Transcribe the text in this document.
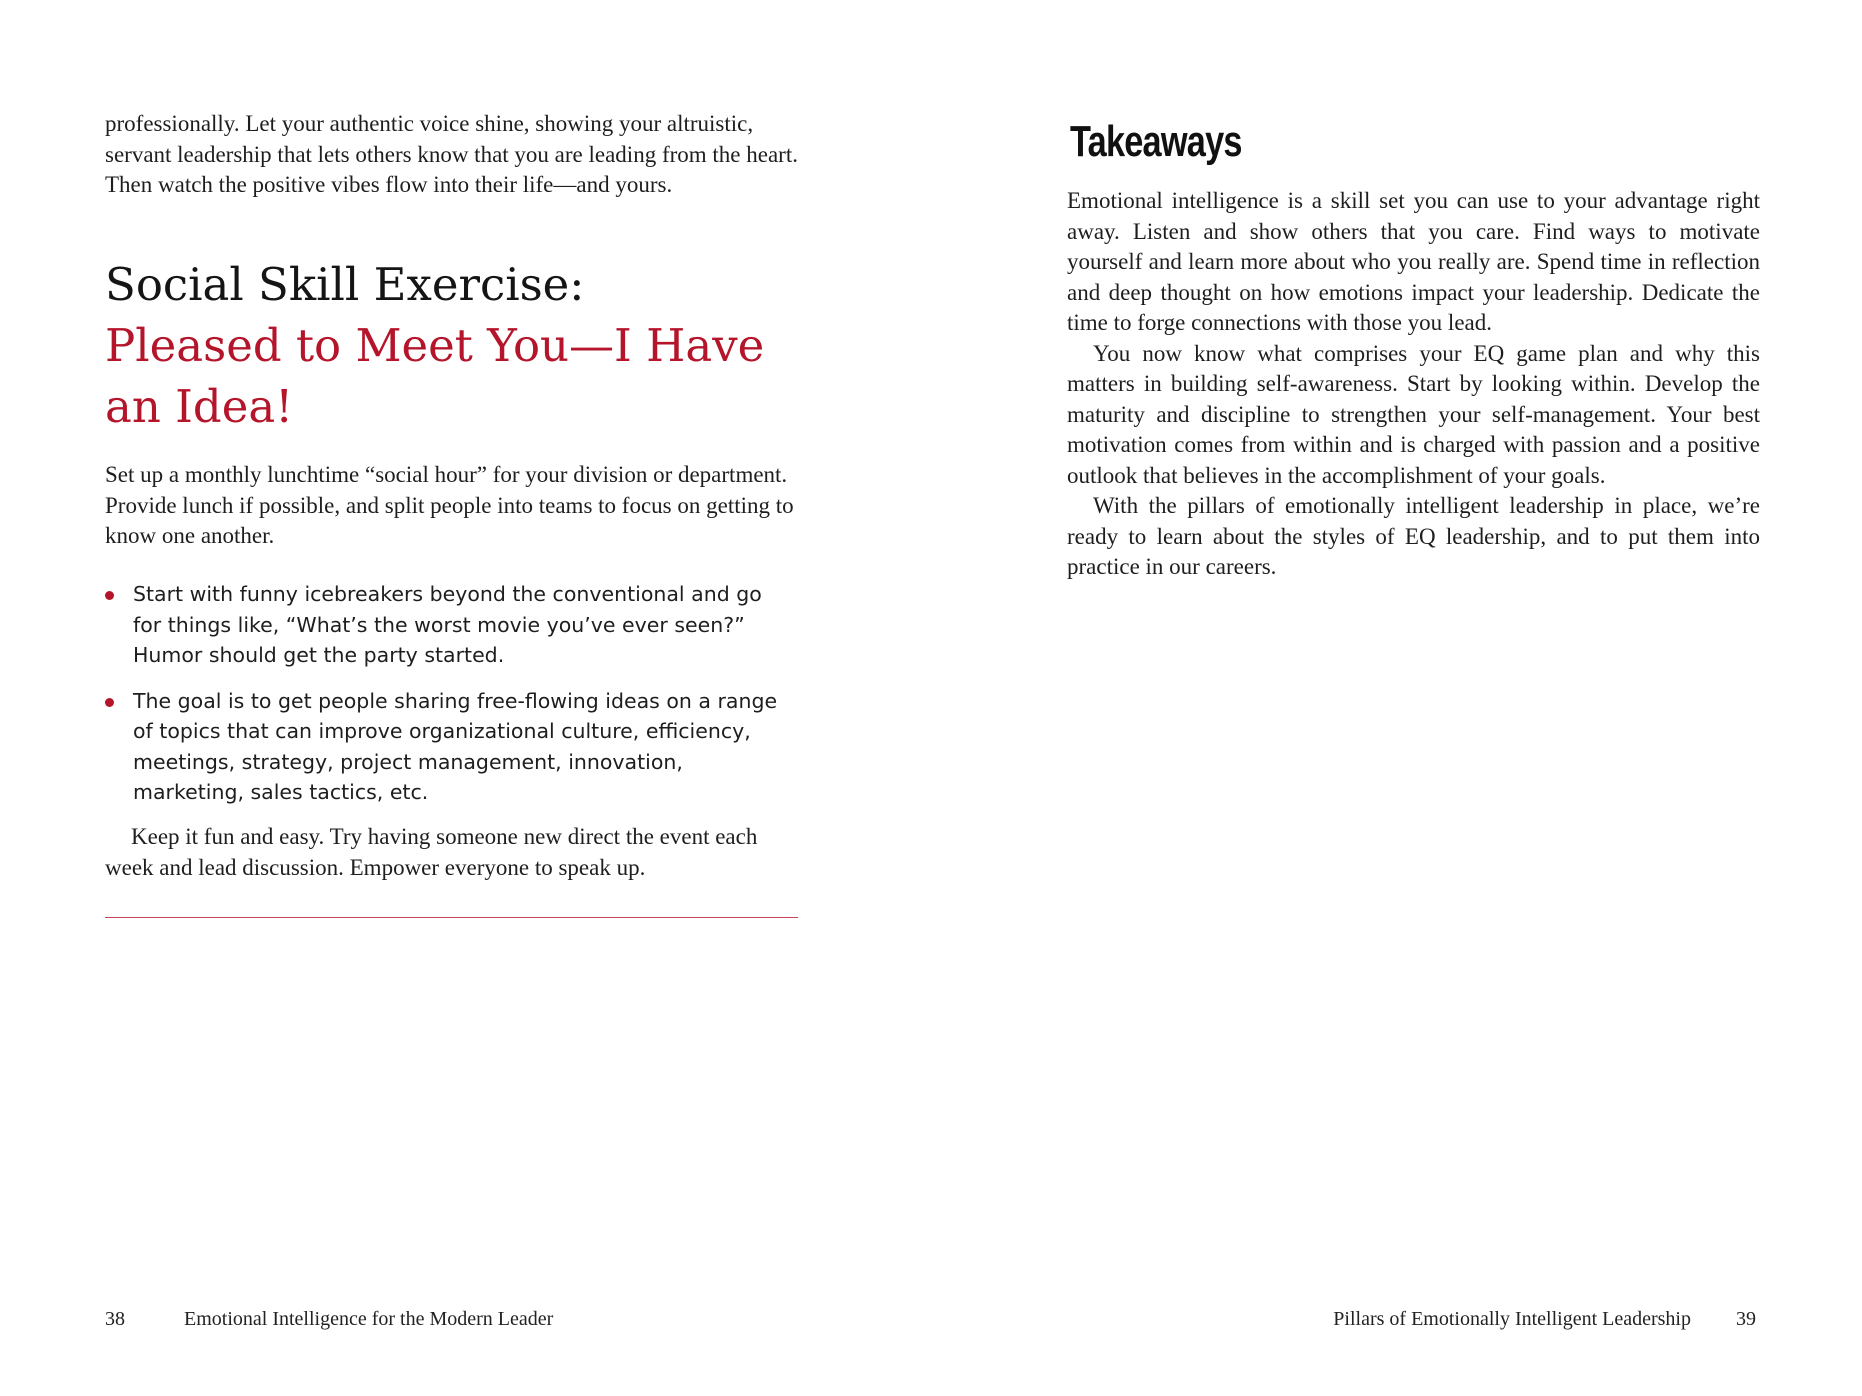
professionally. Let your authentic voice shine, showing your altruistic, servant leadership that lets others know that you are leading from the heart. Then watch the positive vibes flow into their life—and yours.

Social Skill Exercise:
Pleased to Meet You—I Have an Idea!

Set up a monthly lunchtime “social hour” for your division or department. Provide lunch if possible, and split people into teams to focus on getting to know one another.

Start with funny icebreakers beyond the conventional and go for things like, “What’s the worst movie you’ve ever seen?” Humor should get the party started.
The goal is to get people sharing free-flowing ideas on a range of topics that can improve organizational culture, efficiency, meetings, strategy, project management, innovation, marketing, sales tactics, etc.

Keep it fun and easy. Try having someone new direct the event each week and lead discussion. Empower everyone to speak up.

38	Emotional Intelligence for the Modern Leader
Takeaways

Emotional intelligence is a skill set you can use to your advantage right away. Listen and show others that you care. Find ways to motivate yourself and learn more about who you really are. Spend time in reflection and deep thought on how emotions impact your leadership. Dedicate the time to forge connections with those you lead.

You now know what comprises your EQ game plan and why this matters in building self-awareness. Start by looking within. Develop the maturity and discipline to strengthen your self-management. Your best motivation comes from within and is charged with passion and a positive outlook that believes in the accomplishment of your goals.

With the pillars of emotionally intelligent leadership in place, we’re ready to learn about the styles of EQ leadership, and to put them into practice in our careers.

Pillars of Emotionally Intelligent Leadership 39
